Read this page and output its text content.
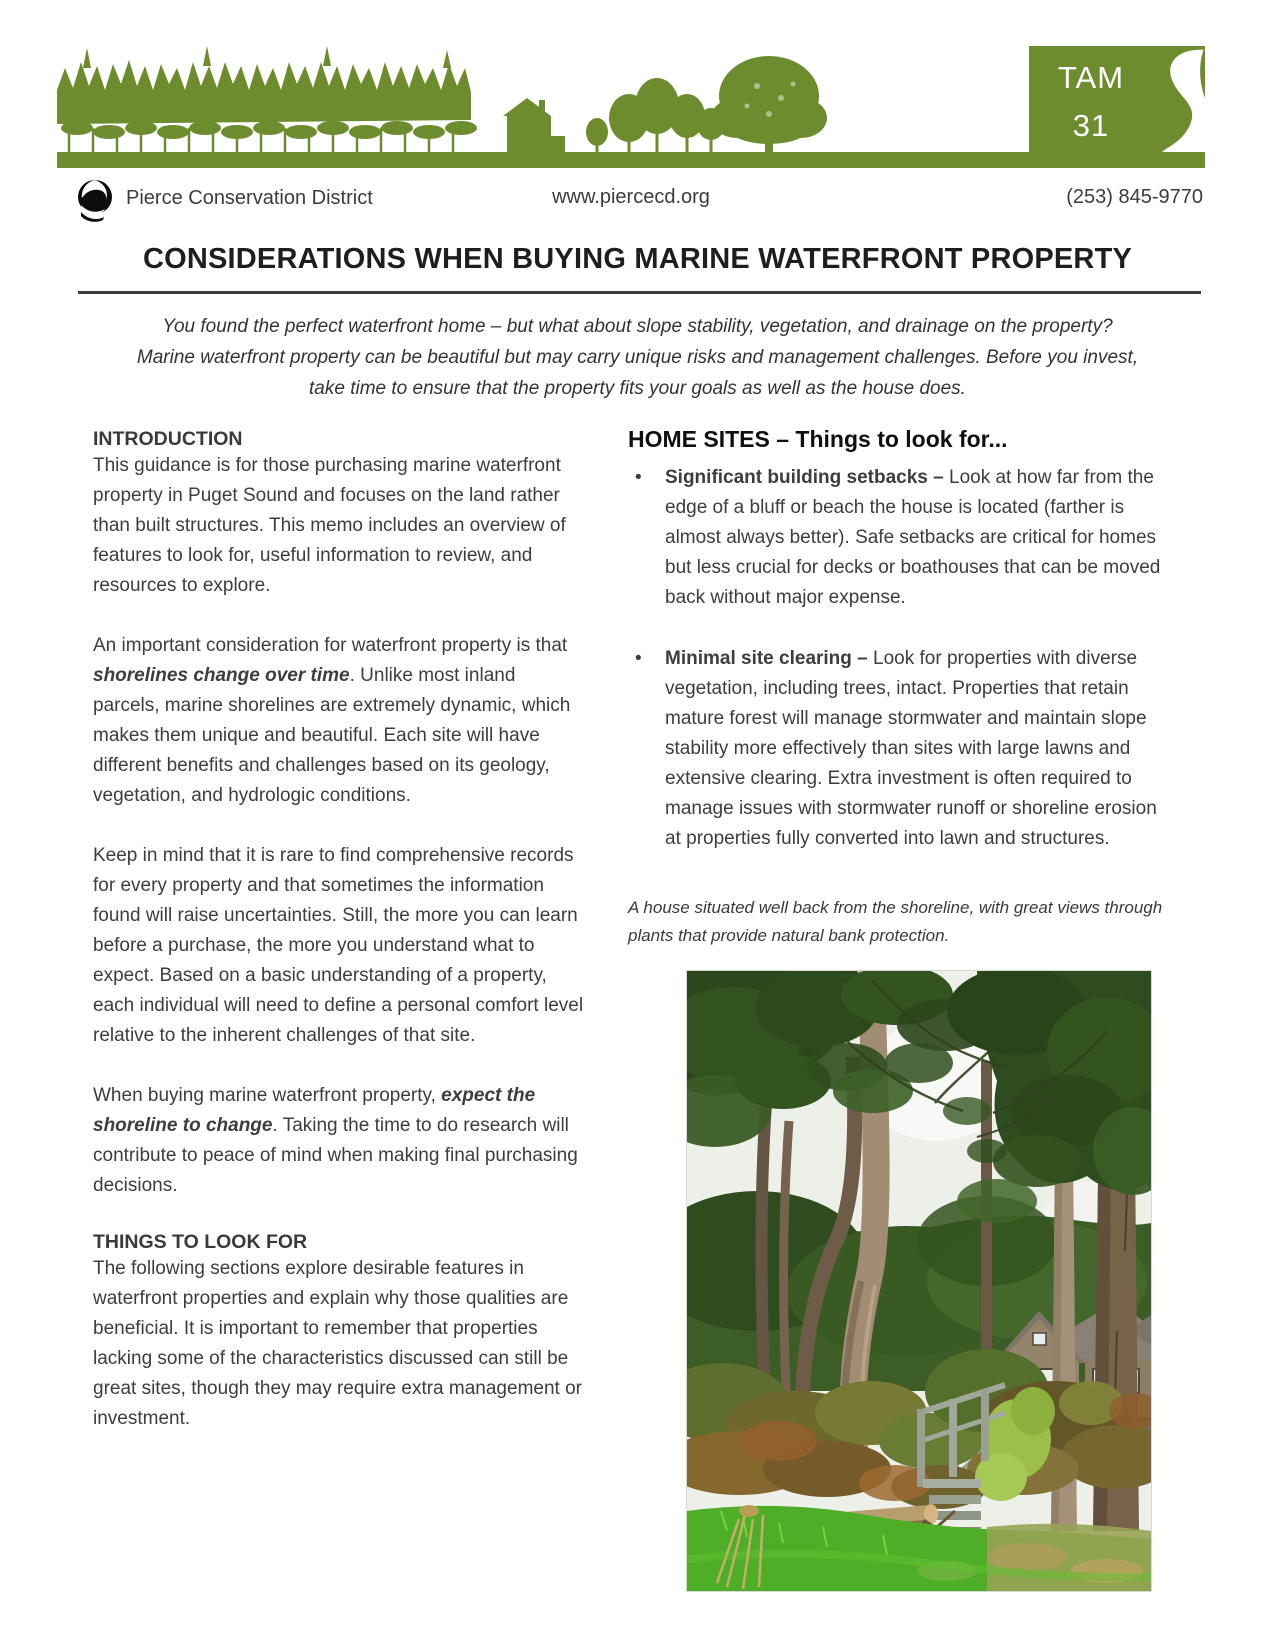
TAM
31
Pierce Conservation District	www.piercecd.org	(253) 845-9770
CONSIDERATIONS WHEN BUYING MARINE WATERFRONT PROPERTY

You found the perfect waterfront home – but what about slope stability, vegetation, and drainage on the property? Marine waterfront property can be beautiful but may carry unique risks and management challenges. Before you invest, take time to ensure that the property fits your goals as well as the house does.

INTRODUCTION

This guidance is for those purchasing marine waterfront property in Puget Sound and focuses on the land rather than built structures. This memo includes an overview of features to look for, useful information to review, and resources to explore.

An important consideration for waterfront property is that shorelines change over time. Unlike most inland parcels, marine shorelines are extremely dynamic, which makes them unique and beautiful. Each site will have different benefits and challenges based on its geology, vegetation, and hydrologic conditions.

Keep in mind that it is rare to find comprehensive records for every property and that sometimes the information found will raise uncertainties. Still, the more you can learn before a purchase, the more you understand what to expect. Based on a basic understanding of a property, each individual will need to define a personal comfort level relative to the inherent challenges of that site.

When buying marine waterfront property, expect the shoreline to change. Taking the time to do research will contribute to peace of mind when making final purchasing decisions.

THINGS TO LOOK FOR

The following sections explore desirable features in waterfront properties and explain why those qualities are beneficial. It is important to remember that properties lacking some of the characteristics discussed can still be great sites, though they may require extra management or investment.

HOME SITES – Things to look for...
• Significant building setbacks – Look at how far from the edge of a bluff or beach the house is located (farther is almost always better). Safe setbacks are critical for homes but less crucial for decks or boathouses that can be moved back without major expense.
• Minimal site clearing – Look for properties with diverse vegetation, including trees, intact. Properties that retain mature forest will manage stormwater and maintain slope stability more effectively than sites with large lawns and extensive clearing. Extra investment is often required to manage issues with stormwater runoff or shoreline erosion at properties fully converted into lawn and structures.

A house situated well back from the shoreline, with great views through plants that provide natural bank protection.
